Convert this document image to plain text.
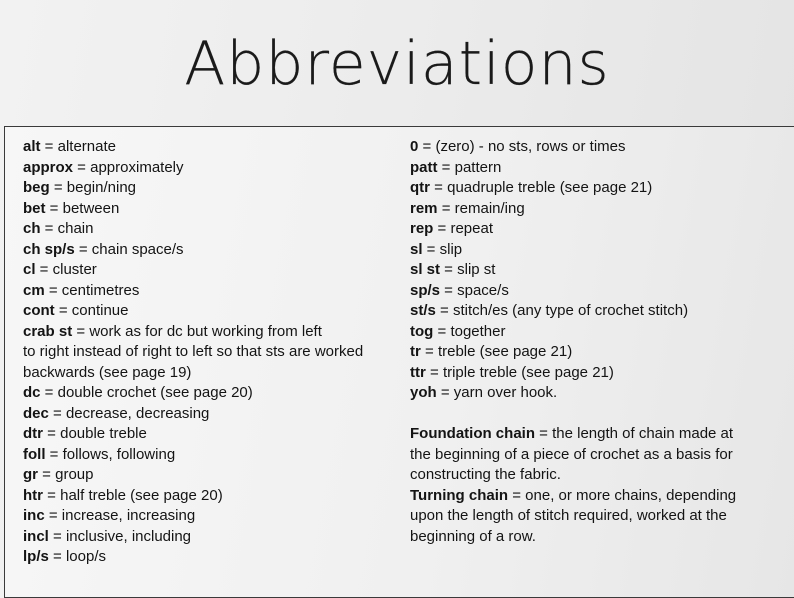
Abbreviations
alt = alternate
approx = approximately
beg = begin/ning
bet = between
ch = chain
ch sp/s = chain space/s
cl = cluster
cm = centimetres
cont = continue
crab st = work as for dc but working from left
to right instead of right to left so that sts are worked
backwards (see page 19)
dc = double crochet (see page 20)
dec = decrease, decreasing
dtr = double treble
foll = follows, following
gr = group
htr = half treble (see page 20)
inc = increase, increasing
incl = inclusive, including
lp/s = loop/s
0 = (zero) - no sts, rows or times
patt = pattern
qtr = quadruple treble (see page 21)
rem = remain/ing
rep = repeat
sl = slip
sl st = slip st
sp/s = space/s
st/s = stitch/es (any type of crochet stitch)
tog = together
tr = treble (see page 21)
ttr = triple treble (see page 21)
yoh = yarn over hook.
Foundation chain = the length of chain made at
the beginning of a piece of crochet as a basis for
constructing the fabric.
Turning chain = one, or more chains, depending
upon the length of stitch required, worked at the
beginning of a row.
